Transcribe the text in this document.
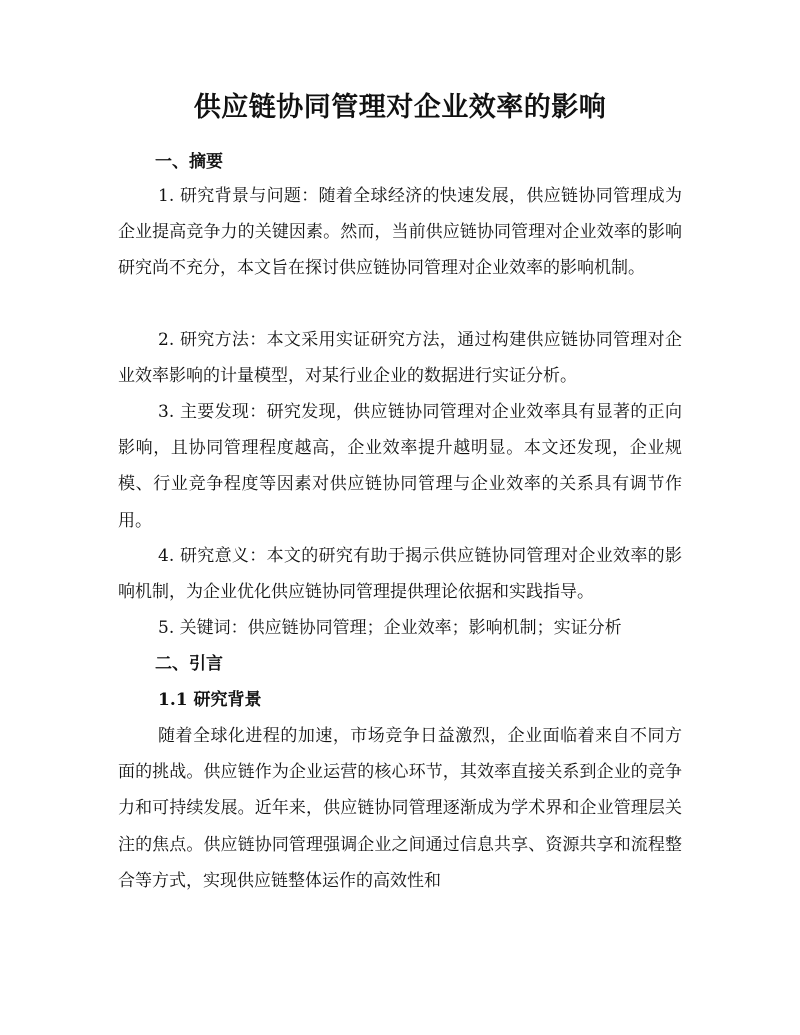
供应链协同管理对企业效率的影响
一、摘要

1. 研究背景与问题：随着全球经济的快速发展，供应链协同管理成为企业提高竞争力的关键因素。然而，当前供应链协同管理对企业效率的影响研究尚不充分，本文旨在探讨供应链协同管理对企业效率的影响机制。

2. 研究方法：本文采用实证研究方法，通过构建供应链协同管理对企业效率影响的计量模型，对某行业企业的数据进行实证分析。

3. 主要发现：研究发现，供应链协同管理对企业效率具有显著的正向影响，且协同管理程度越高，企业效率提升越明显。本文还发现，企业规模、行业竞争程度等因素对供应链协同管理与企业效率的关系具有调节作用。

4. 研究意义：本文的研究有助于揭示供应链协同管理对企业效率的影响机制，为企业优化供应链协同管理提供理论依据和实践指导。

5. 关键词：供应链协同管理；企业效率；影响机制；实证分析

二、引言
1.1 研究背景

随着全球化进程的加速，市场竞争日益激烈，企业面临着来自不同方面的挑战。供应链作为企业运营的核心环节，其效率直接关系到企业的竞争力和可持续发展。近年来，供应链协同管理逐渐成为学术界和企业管理层关注的焦点。供应链协同管理强调企业之间通过信息共享、资源共享和流程整合等方式，实现供应链整体运作的高效性和
